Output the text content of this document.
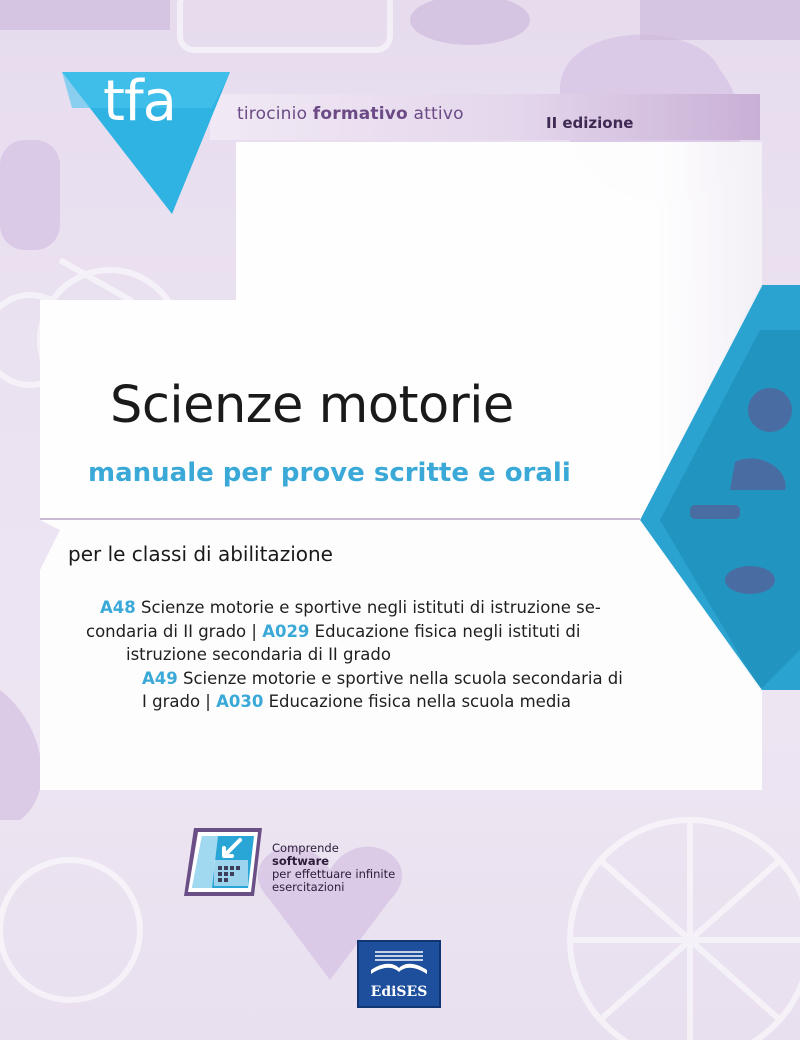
tirocinio formativo attivo	II edizione
tfa
Scienze motorie
manuale per prove scritte e orali
per le classi di abilitazione
A48 Scienze motorie e sportive negli istituti di istruzione se-
condaria di II grado | A029 Educazione fisica negli istituti di
istruzione secondaria di II grado
A49 Scienze motorie e sportive nella scuola secondaria di
I grado | A030 Educazione fisica nella scuola media
Comprende
software
per effettuare infinite
esercitazioni
EdiSES
